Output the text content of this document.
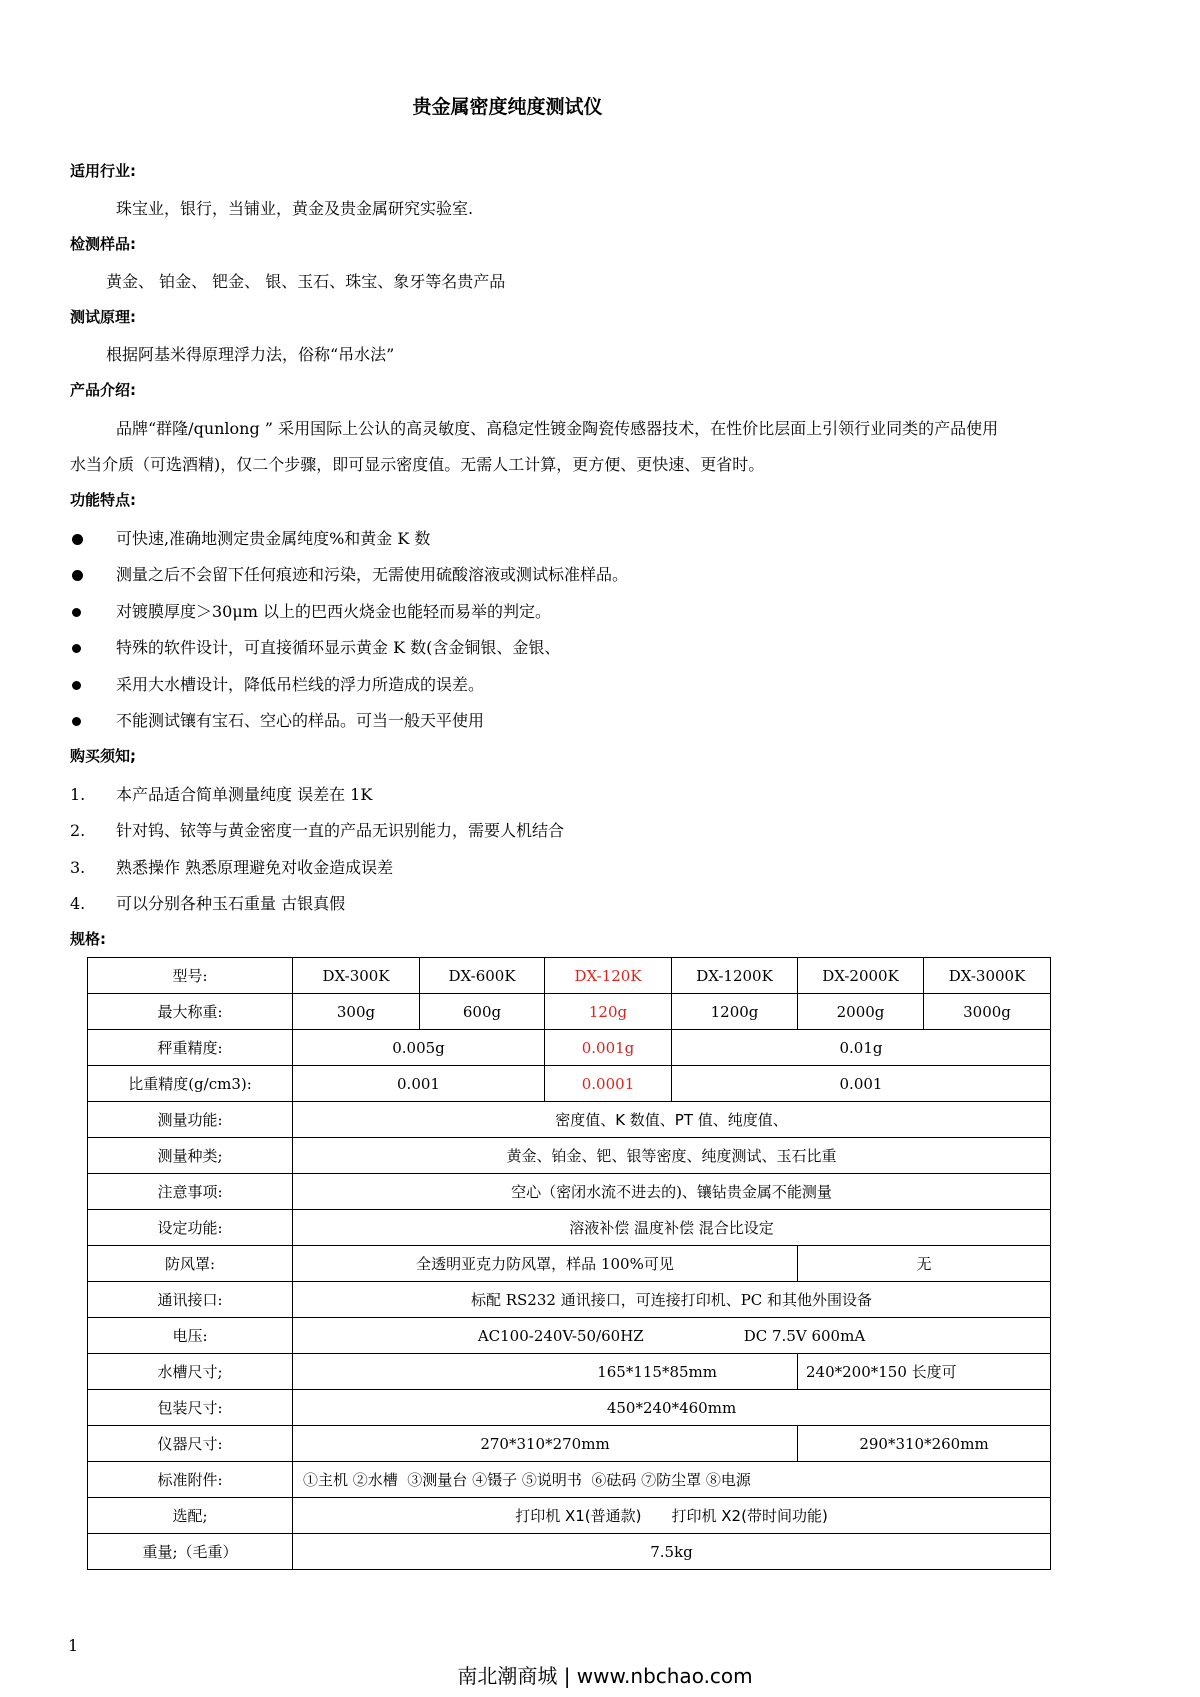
贵金属密度纯度测试仪
适用行业:
珠宝业，银行，当铺业，黄金及贵金属研究实验室.
检测样品:
黄金、 铂金、 钯金、 银、玉石、珠宝、象牙等名贵产品
测试原理:
根据阿基米得原理浮力法，俗称“吊水法”
产品介绍:
品牌“群隆/qunlong ” 采用国际上公认的高灵敏度、高稳定性镀金陶瓷传感器技术，在性价比层面上引领行业同类的产品使用
水当介质（可选酒精)，仅二个步骤，即可显示密度值。无需人工计算，更方便、更快速、更省时。
功能特点:
可快速,准确地测定贵金属纯度%和黄金 K 数
测量之后不会留下任何痕迹和污染，无需使用硫酸溶液或测试标准样品。
对镀膜厚度＞30μm 以上的巴西火烧金也能轻而易举的判定。
特殊的软件设计，可直接循环显示黄金 K 数(含金铜银、金银、
采用大水槽设计，降低吊栏线的浮力所造成的误差。
不能测试镶有宝石、空心的样品。可当一般天平使用
购买须知;
1. 本产品适合简单测量纯度 误差在 1K
2. 针对钨、铱等与黄金密度一直的产品无识别能力，需要人机结合
3. 熟悉操作 熟悉原理避免对收金造成误差
4. 可以分别各种玉石重量 古银真假
规格:
型号:	DX-300K	DX-600K	DX-120K	DX-1200K	DX-2000K	DX-3000K
最大称重:	300g	600g	120g	1200g	2000g	3000g
秤重精度:	0.005g		0.001g	0.01g		
比重精度(g/cm3):	0.001		0.0001	0.001		
测量功能:	密度值、K 数值、PT 值、纯度值、					
测量种类;	黄金、铂金、钯、银等密度、纯度测试、玉石比重					
注意事项:	空心（密闭水流不进去的)、镶钻贵金属不能测量					
设定功能:	溶液补偿 温度补偿 混合比设定					
防风罩:	全透明亚克力防风罩，样品 100%可见				无	
通讯接口:	标配 RS232 通讯接口，可连接打印机、PC 和其他外围设备					
电压:	AC100-240V-50/60HZ DC 7.5V 600mA					
水槽尺寸;	165*115*85mm				240*200*150 长度可	
包装尺寸:	450*240*460mm					
仪器尺寸:	270*310*270mm				290*310*260mm	
标准附件:	①主机 ②水槽  ③测量台 ④镊子 ⑤说明书  ⑥砝码 ⑦防尘罩 ⑧电源					
选配;	打印机 X1(普通款) 打印机 X2(带时间功能)					
重量;（毛重）	7.5kg					
1
南北潮商城 | www.nbchao.com
